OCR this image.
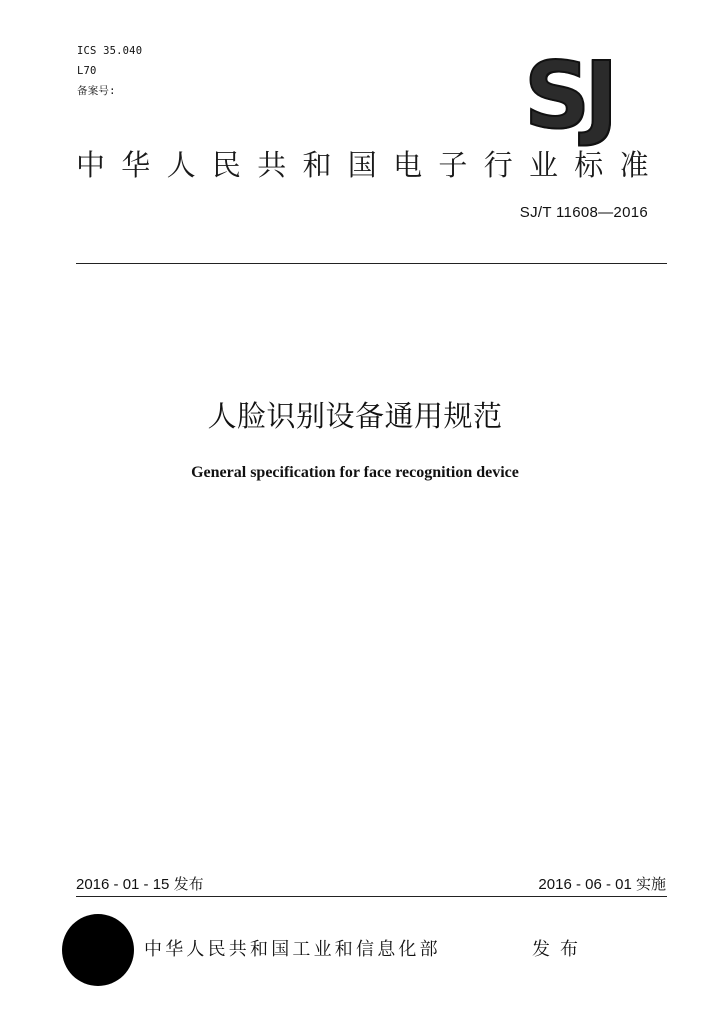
ICS 35.040
L70
备案号:	SJ
中华人民共和国电子行业标准
SJ/T 11608—2016
人脸识别设备通用规范
General specification for face recognition device
2016 - 01 - 15 发布	2016 - 06 - 01 实施
中华人民共和国工业和信息化部	发布
